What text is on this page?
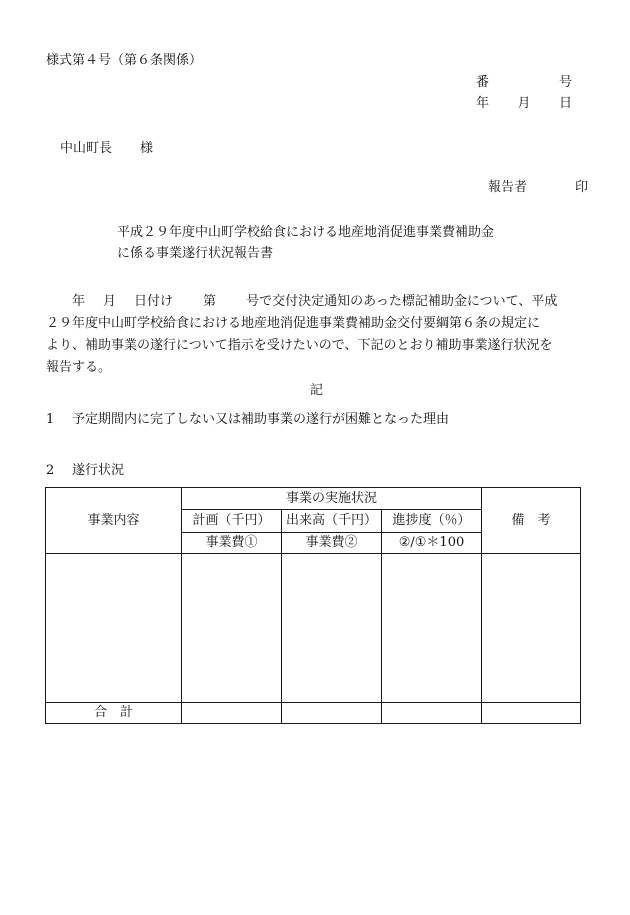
様式第４号（第６条関係）
番	号
年 月 日
中山町長 様
報告者	印
平成２９年度中山町学校給食における地産地消促進事業費補助金
に係る事業遂行状況報告書
年 月 日付け 第 号で交付決定通知のあった標記補助金について、平成
２９年度中山町学校給食における地産地消促進事業費補助金交付要綱第６条の規定に
より、補助事業の遂行について指示を受けたいので、下記のとおり補助事業遂行状況を
報告する。
記
1 予定期間内に完了しない又は補助事業の遂行が困難となった理由
2 遂行状況
事業内容	事業の実施状況			備　考
	計画（千円）	出来高（千円）	進捗度（％）	
	事業費①	事業費②	②/①＊100	

合　計				
